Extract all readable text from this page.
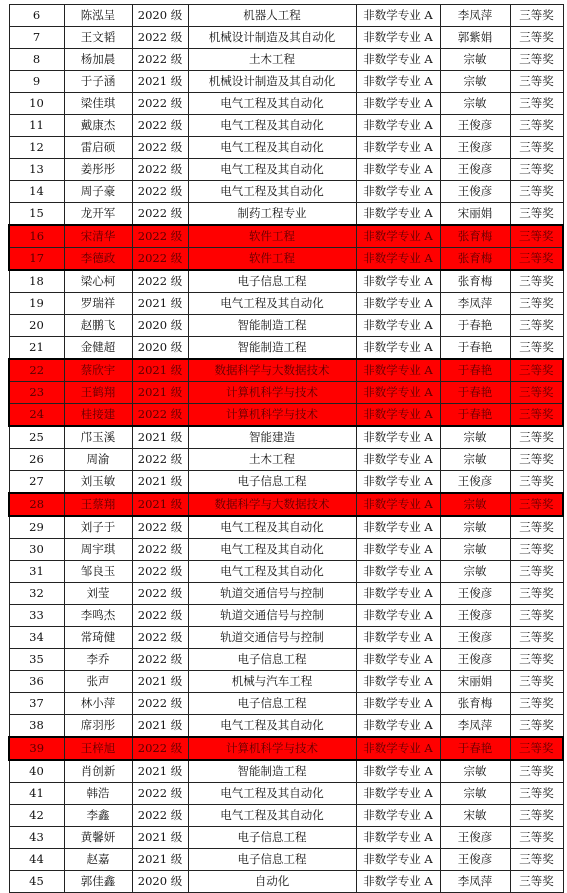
6	陈泓呈	2020 级	机器人工程	非数学专业 A	李凤萍	三等奖
7	王文韬	2022 级	机械设计制造及其自动化	非数学专业 A	郭紫娟	三等奖
8	杨加晨	2022 级	土木工程	非数学专业 A	宗敏	三等奖
9	于子涵	2021 级	机械设计制造及其自动化	非数学专业 A	宗敏	三等奖
10	梁佳琪	2022 级	电气工程及其自动化	非数学专业 A	宗敏	三等奖
11	戴康杰	2022 级	电气工程及其自动化	非数学专业 A	王俊彦	三等奖
12	雷启硕	2022 级	电气工程及其自动化	非数学专业 A	王俊彦	三等奖
13	姜彤彤	2022 级	电气工程及其自动化	非数学专业 A	王俊彦	三等奖
14	周子豪	2022 级	电气工程及其自动化	非数学专业 A	王俊彦	三等奖
15	龙开军	2022 级	制药工程专业	非数学专业 A	宋丽娟	三等奖
16	宋清华	2022 级	软件工程	非数学专业 A	张育梅	三等奖
17	李德政	2022 级	软件工程	非数学专业 A	张育梅	三等奖
18	梁心柯	2022 级	电子信息工程	非数学专业 A	张育梅	三等奖
19	罗瑞祥	2021 级	电气工程及其自动化	非数学专业 A	李凤萍	三等奖
20	赵鹏飞	2020 级	智能制造工程	非数学专业 A	于春艳	三等奖
21	金健超	2020 级	智能制造工程	非数学专业 A	于春艳	三等奖
22	蔡欣宇	2021 级	数据科学与大数据技术	非数学专业 A	于春艳	三等奖
23	王鹤翔	2021 级	计算机科学与技术	非数学专业 A	于春艳	三等奖
24	桂接建	2022 级	计算机科学与技术	非数学专业 A	于春艳	三等奖
25	邝玉溪	2021 级	智能建造	非数学专业 A	宗敏	三等奖
26	周渝	2022 级	土木工程	非数学专业 A	宗敏	三等奖
27	刘玉敏	2021 级	电子信息工程	非数学专业 A	王俊彦	三等奖
28	王蔡翔	2021 级	数据科学与大数据技术	非数学专业 A	宗敏	三等奖
29	刘子于	2022 级	电气工程及其自动化	非数学专业 A	宗敏	三等奖
30	周宇琪	2022 级	电气工程及其自动化	非数学专业 A	宗敏	三等奖
31	邹良玉	2022 级	电气工程及其自动化	非数学专业 A	宗敏	三等奖
32	刘莹	2022 级	轨道交通信号与控制	非数学专业 A	王俊彦	三等奖
33	李鸣杰	2022 级	轨道交通信号与控制	非数学专业 A	王俊彦	三等奖
34	常琦健	2022 级	轨道交通信号与控制	非数学专业 A	王俊彦	三等奖
35	李乔	2022 级	电子信息工程	非数学专业 A	王俊彦	三等奖
36	张声	2021 级	机械与汽车工程	非数学专业 A	宋丽娟	三等奖
37	林小萍	2022 级	电子信息工程	非数学专业 A	张育梅	三等奖
38	席羽彤	2021 级	电气工程及其自动化	非数学专业 A	李凤萍	三等奖
39	王梓旭	2022 级	计算机科学与技术	非数学专业 A	于春艳	三等奖
40	肖创新	2021 级	智能制造工程	非数学专业 A	宗敏	三等奖
41	韩浩	2022 级	电气工程及其自动化	非数学专业 A	宗敏	三等奖
42	李鑫	2022 级	电气工程及其自动化	非数学专业 A	宋敏	三等奖
43	黄馨妍	2021 级	电子信息工程	非数学专业 A	王俊彦	三等奖
44	赵嘉	2021 级	电子信息工程	非数学专业 A	王俊彦	三等奖
45	郭佳鑫	2020 级	自动化	非数学专业 A	李凤萍	三等奖
